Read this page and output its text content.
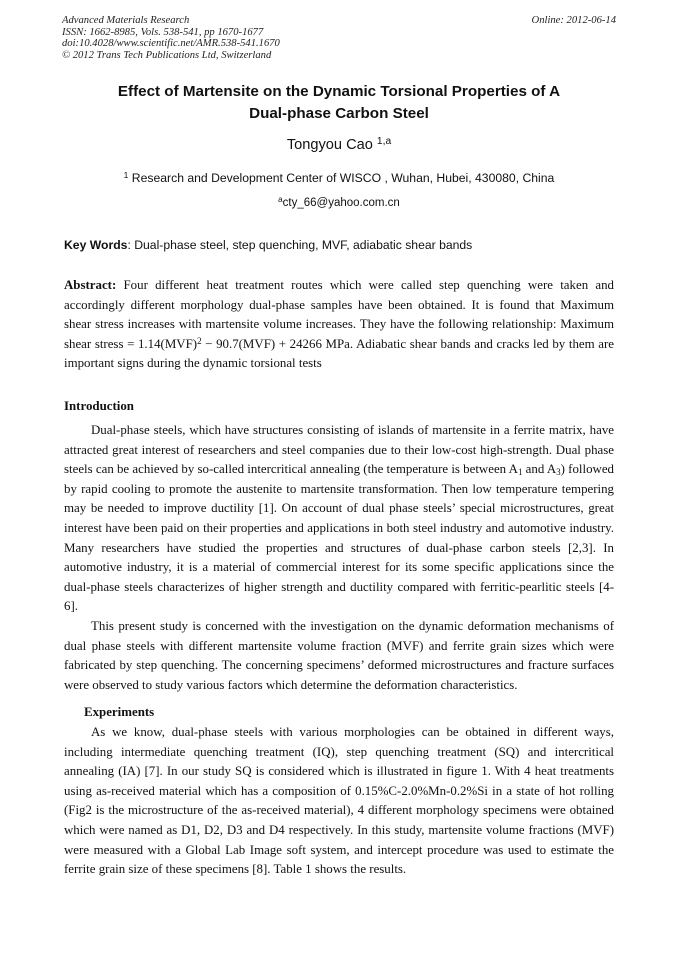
Advanced Materials Research
ISSN: 1662-8985, Vols. 538-541, pp 1670-1677
doi:10.4028/www.scientific.net/AMR.538-541.1670
© 2012 Trans Tech Publications Ltd, Switzerland
Online: 2012-06-14
Effect of Martensite on the Dynamic Torsional Properties of A
Dual-phase Carbon Steel
Tongyou Cao $^{1,a}$
$^1$ Research and Development Center of WISCO , Wuhan, Hubei, 430080, China
$^a$cty_66@yahoo.com.cn
Key Words: Dual-phase steel, step quenching, MVF, adiabatic shear bands
Abstract: Four different heat treatment routes which were called step quenching were taken and accordingly different morphology dual-phase samples have been obtained. It is found that Maximum shear stress increases with martensite volume increases. They have the following relationship: Maximum shear stress = 1.14(MVF)$^2$ − 90.7(MVF) + 24266 MPa. Adiabatic shear bands and cracks led by them are important signs during the dynamic torsional tests
Introduction

Dual-phase steels, which have structures consisting of islands of martensite in a ferrite matrix, have attracted great interest of researchers and steel companies due to their low-cost high-strength. Dual phase steels can be achieved by so-called intercritical annealing (the temperature is between $A_1$ and $A_3$) followed by rapid cooling to promote the austenite to martensite transformation. Then low temperature tempering may be needed to improve ductility [1]. On account of dual phase steels’ special microstructures, great interest have been paid on their properties and applications in both steel industry and automotive industry. Many researchers have studied the properties and structures of dual-phase carbon steels [2,3]. In automotive industry, it is a material of commercial interest for its some specific applications since the dual-phase steels characterizes of higher strength and ductility compared with ferritic-pearlitic steels [4-6].

This present study is concerned with the investigation on the dynamic deformation mechanisms of dual phase steels with different martensite volume fraction (MVF) and ferrite grain sizes which were fabricated by step quenching. The concerning specimens’ deformed microstructures and fracture surfaces were observed to study various factors which determine the deformation characteristics.

Experiments

As we know, dual-phase steels with various morphologies can be obtained in different ways, including intermediate quenching treatment (IQ), step quenching treatment (SQ) and intercritical annealing (IA) [7]. In our study SQ is considered which is illustrated in figure 1. With 4 heat treatments using as-received material which has a composition of 0.15%C-2.0%Mn-0.2%Si in a state of hot rolling (Fig2 is the microstructure of the as-received material), 4 different morphology specimens were obtained which were named as D1, D2, D3 and D4 respectively. In this study, martensite volume fractions (MVF) were measured with a Global Lab Image soft system, and intercept procedure was used to estimate the ferrite grain size of these specimens [8]. Table 1 shows the results.
